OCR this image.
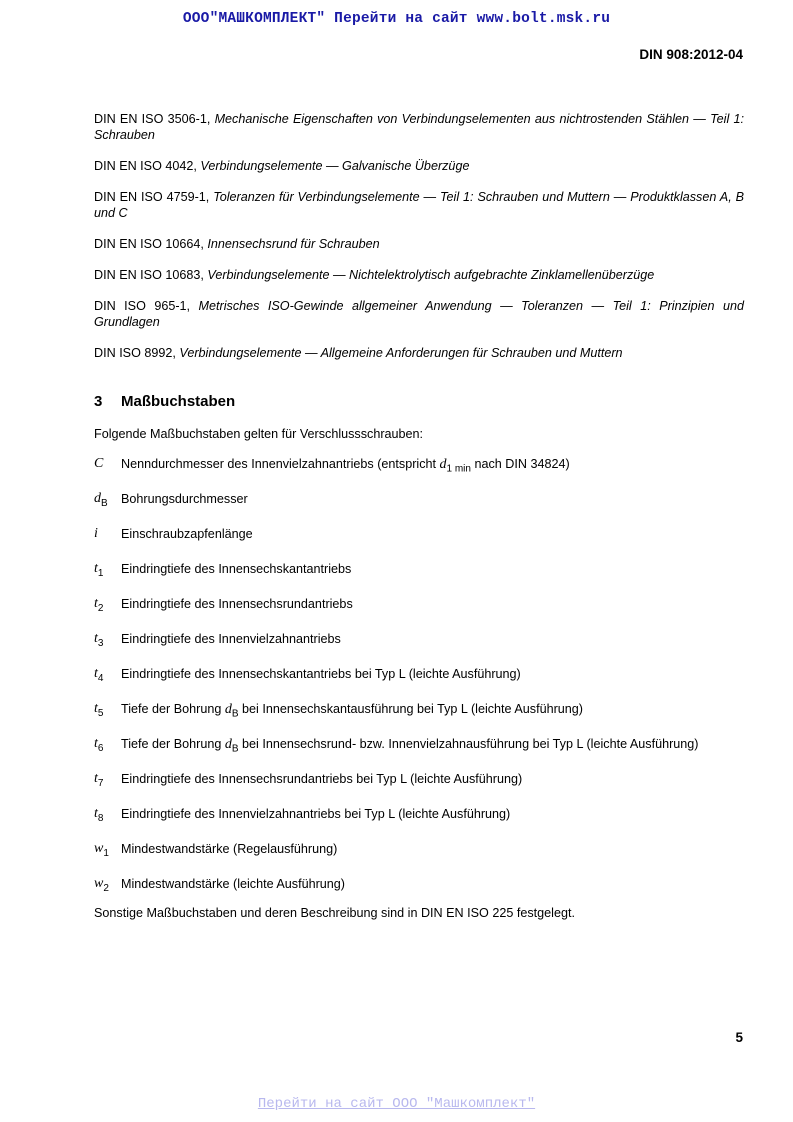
ООО"МАШКОМПЛЕКТ" Перейти на сайт www.bolt.msk.ru
DIN 908:2012-04

DIN EN ISO 3506-1, Mechanische Eigenschaften von Verbindungselementen aus nichtrostenden Stählen — Teil 1: Schrauben

DIN EN ISO 4042, Verbindungselemente — Galvanische Überzüge

DIN EN ISO 4759-1, Toleranzen für Verbindungselemente — Teil 1: Schrauben und Muttern — Produktklassen A, B und C

DIN EN ISO 10664, Innensechsrund für Schrauben

DIN EN ISO 10683, Verbindungselemente — Nichtelektrolytisch aufgebrachte Zinklamellenüberzüge

DIN ISO 965-1, Metrisches ISO-Gewinde allgemeiner Anwendung — Toleranzen — Teil 1: Prinzipien und Grundlagen

DIN ISO 8992, Verbindungselemente — Allgemeine Anforderungen für Schrauben und Muttern

3 Maßbuchstaben
Folgende Maßbuchstaben gelten für Verschlussschrauben:
C Nenndurchmesser des Innenvielzahnantriebs (entspricht $d_{1 min}$ nach DIN 34824)
$d_B$ Bohrungsdurchmesser
i Einschraubzapfenlänge
$t_1$ Eindringtiefe des Innensechskantantriebs
$t_2$ Eindringtiefe des Innensechsrundantriebs
$t_3$ Eindringtiefe des Innenvielzahnantriebs
$t_4$ Eindringtiefe des Innensechskantantriebs bei Typ L (leichte Ausführung)
$t_5$ Tiefe der Bohrung $d_B$ bei Innensechskantausführung bei Typ L (leichte Ausführung)
$t_6$ Tiefe der Bohrung $d_B$ bei Innensechsrund- bzw. Innenvielzahnausführung bei Typ L (leichte Ausführung)
$t_7$ Eindringtiefe des Innensechsrundantriebs bei Typ L (leichte Ausführung)
$t_8$ Eindringtiefe des Innenvielzahnantriebs bei Typ L (leichte Ausführung)
$w_1$ Mindestwandstärke (Regelausführung)
$w_2$ Mindestwandstärke (leichte Ausführung)
Sonstige Maßbuchstaben und deren Beschreibung sind in DIN EN ISO 225 festgelegt.
5
Перейти на сайт ООО "Машкомплект"
